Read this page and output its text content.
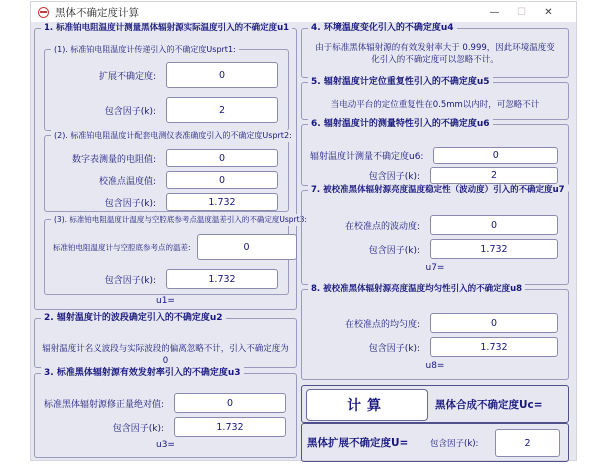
黑体不确定度计算	—	☐	✕
1. 标准铂电阻温度计测量黑体辐射源实际温度引入的不确定度u1
(1). 标准铂电阻温度计传递引入的不确定度Usprt1:
扩展不确定度:
0
包含因子(k):
2
(2). 标准铂电阻温度计配套电测仪表准确度引入的不确定度Usprt2:
数字表测量的电阻值:
0
校准点温度值:
0
包含因子(k):
1.732
(3). 标准铂电阻温度计温度与空腔底参考点温度温差引入的不确定度Usprt3:
标准铂电阻温度计与空腔底参考点的温差:
0
包含因子(k):
1.732
u1=
2. 辐射温度计的波段确定引入的不确定度u2
辐射温度计名义波段与实际波段的偏离忽略不计，引入不确定度为0
3. 标准黑体辐射源有效发射率引入的不确定度u3
标准黑体辐射源修正量绝对值:
0
包含因子(k):
1.732
u3=
4. 环境温度变化引入的不确定度u4
由于标准黑体辐射源的有效发射率大于 0.999，因此环境温度变化引入的不确定度可以忽略不计。
5. 辐射温度计定位重复性引入的不确定度u5
当电动平台的定位重复性在0.5mm以内时，可忽略不计
6. 辐射温度计的测量特性引入的不确定度u6
辐射温度计测量不确定度u6:
0
包含因子(k):
2
7. 被校准黑体辐射源亮度温度稳定性（波动度）引入的不确定度u7
在校准点的波动度:
0
包含因子(k):
1.732
u7=
8. 被校准黑体辐射源亮度温度均匀性引入的不确定度u8
在校准点的均匀度:
0
包含因子(k):
1.732
u8=
计算	黑体合成不确定度Uc=
黑体扩展不确定度U=	包含因子(k):
2
